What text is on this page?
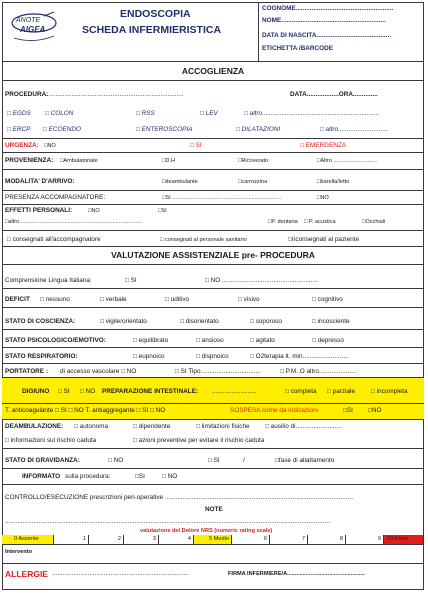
ANOTE
AIGEA
ENDOSCOPIA
SCHEDA INFERMIERISTICA
COGNOME.......................................................
NOME...........................................................
DATA DI NASCITA..........................................
ETICHETTA /BARCODE
ACCOGLIENZA
PROCEDURA:
..............................................................................	DATA..................ORA..............
□ EGDS □ COLON	□ RSS	□ LEV	□ altro..................................................................
□ ERCP □ ECOENDO	□ ENTEROSCOPIA	□ DILATAZIONI	□ altro............................
URGENZA: □NO	□ SI	□ EMERGENZA
PROVENIENZA: □Ambulatoriale	□D.H	□Ricoverato	□Altro ............................
MODALITA' D'ARRIVO:	□deambulante	□carrozzina	□barella/letto
PRESENZA ACCOMPAGNATORE:	□SI ......................................................................	□NO
EFFETTI PERSONALI:	□NO	□SI
□altro...............................................................................	□P. dentaria □ P. acustica	□Occhiali
□ consegnati all'accompagnatore	□ consegnati al personale sanitario	□riconsegnati al paziente
VALUTAZIONE ASSISTENZIALE pre- PROCEDURA
Comprensione Lingua Italiana:	□ SI	□ NO ......................................................
DEFICIT □ nessuno	□ verbale	□ uditivo	□ visivo	□ cognitivo
STATO DI COSCIENZA:	□ vigile/orientato	□ disorientato	□ soporoso	□ incosciente
STATO PSICOLOGICO/EMOTIVO:	□ equilibrato	□ ansioso	□ agitato	□ depresso
STATO RESPIRATORIO:	□ eupnoico	□ dispnoico	□ O2terapia lt. min..........................
PORTATORE : di accesso vascolare □ NO	□ SI Tipo..................................	□ P.M. O altro.....................
DIGIUNO □ SI □ NO PREPARAZIONE INTESTINALE: .........................	□ completa □ parziale □ incompleta
T. anticoagulante □ SI □ NO T. antiaggregante □ SI □ NO	SOSPESA come da indicazioni	□SI □NO
DEAMBULAZIONE: □ autonoma	□ dipendente	□ limitazioni fisiche □ ausilio di..........................
□ informazioni sul rischio caduta	□ azioni preventive per evitare il rischio caduta
STATO DI GRAVIDANZA:	□ NO	□ SI	/	□fase di allattamento
INFORMATO sulla procedura:	□SI	□ NO
CONTROLLO/ESECUZIONE prescrizioni peri-operative ..........................................................................................................
NOTE
.......................................................................................................................................................................................
valutazione del Dolore NRS (numeric rating scale)
0 Assente	1	2	3	4	5 Medio	6	7	8	9	10 Forte
Intervento
ALLERGIE .............................................................................	FIRMA INFERMIERE/A..................................................
